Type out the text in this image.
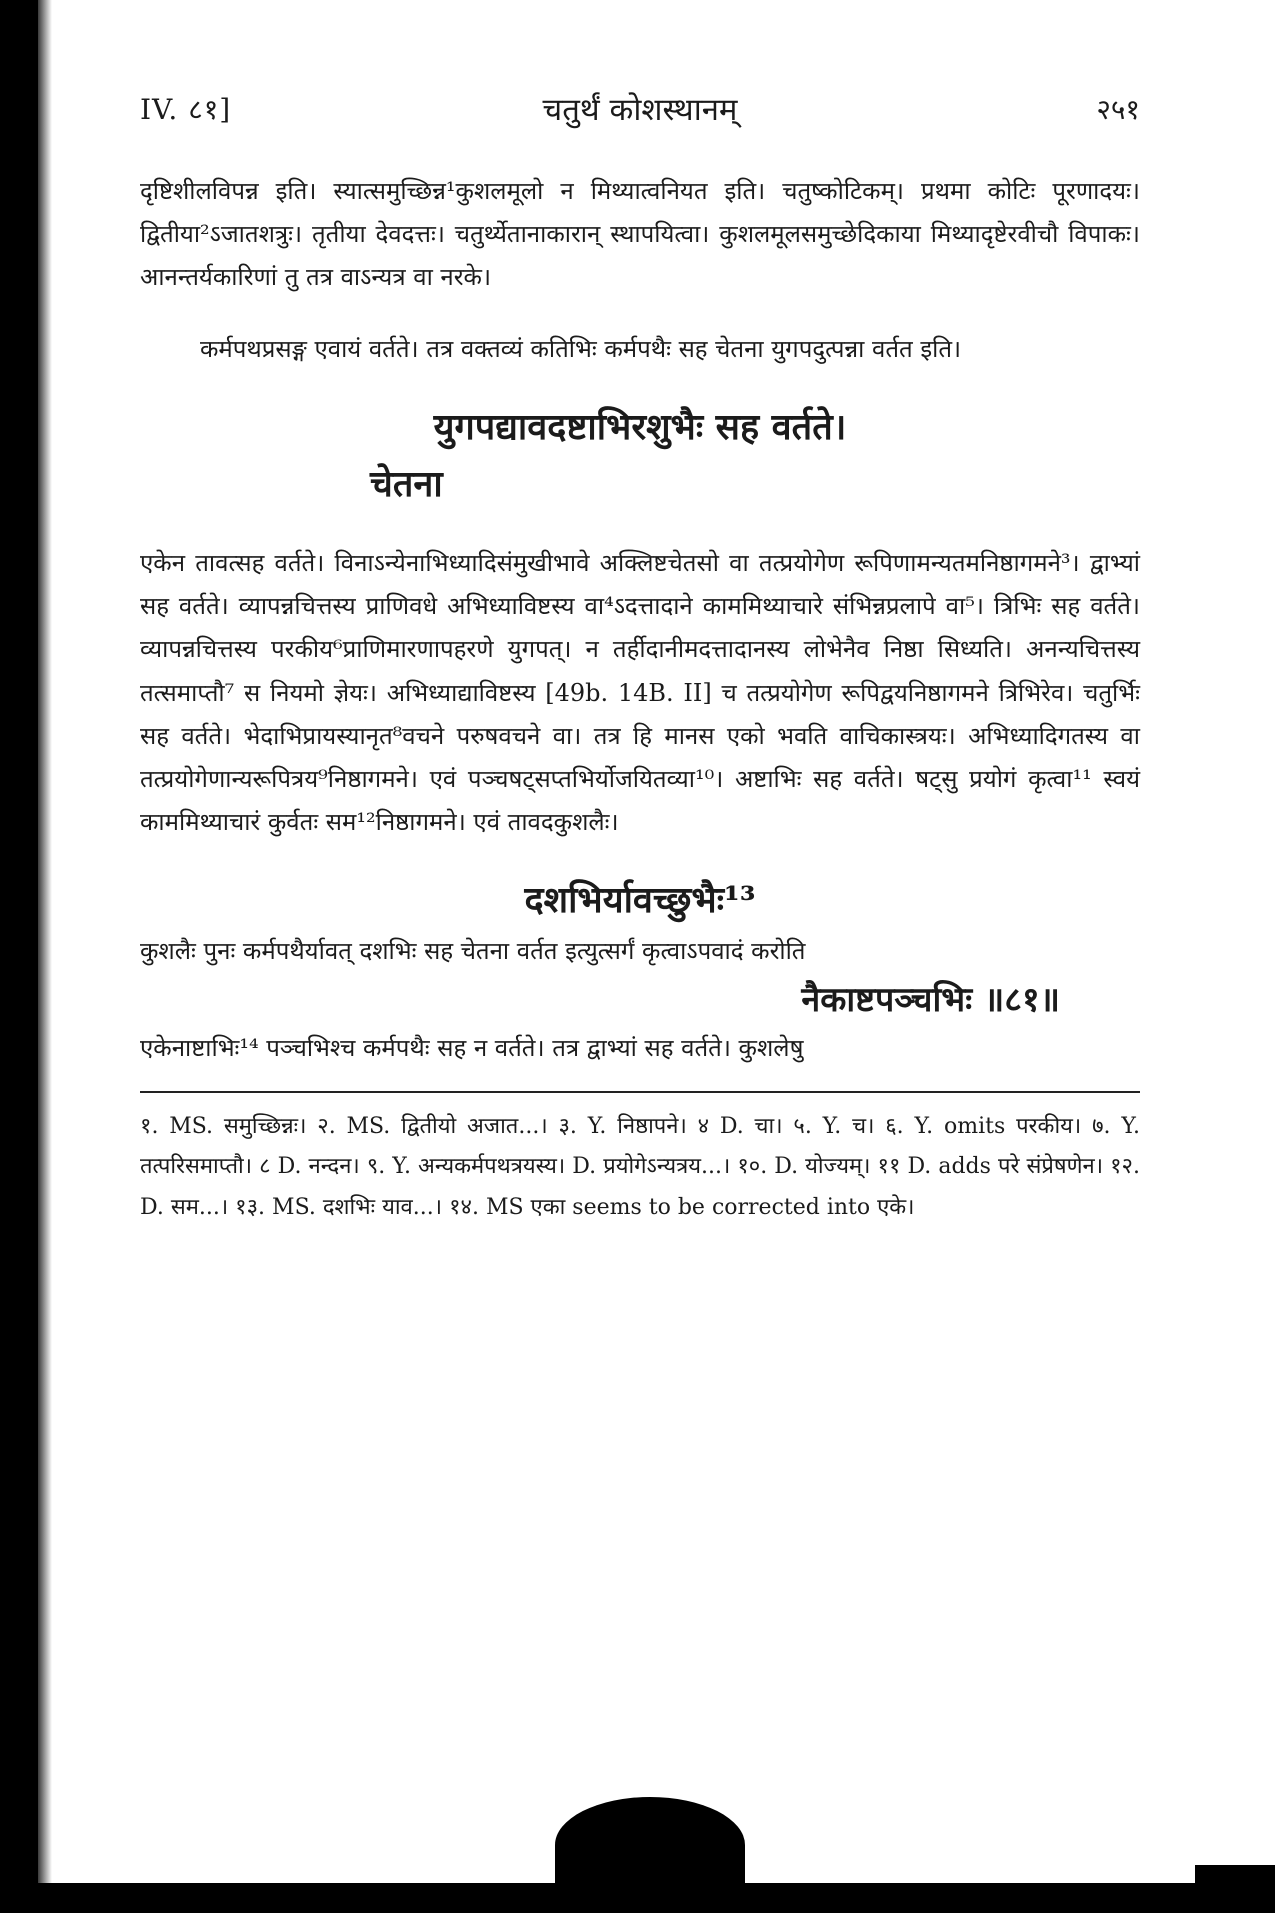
IV. ८१]	चतुर्थं कोशस्थानम्	२५१

दृष्टिशीलविपन्न इति। स्यात्समुच्छिन्न¹कुशलमूलो न मिथ्यात्वनियत इति। चतुष्कोटिकम्। प्रथमा कोटिः पूरणादयः। द्वितीया²ऽजातशत्रुः। तृतीया देवदत्तः। चतुर्थ्येतानाकारान् स्थापयित्वा। कुशलमूलसमुच्छेदिकाया मिथ्यादृष्टेरवीचौ विपाकः। आनन्तर्यकारिणां तु तत्र वाऽन्यत्र वा नरके।

कर्मपथप्रसङ्ग एवायं वर्तते। तत्र वक्तव्यं कतिभिः कर्मपथैः सह चेतना युगपदुत्पन्ना वर्तत इति।

युगपद्यावदष्टाभिरशुभैः सह वर्तते।

चेतना

एकेन तावत्सह वर्तते। विनाऽन्येनाभिध्यादिसंमुखीभावे अक्लिष्टचेतसो वा तत्प्रयोगेण रूपिणामन्यतमनिष्ठागमने³। द्वाभ्यां सह वर्तते। व्यापन्नचित्तस्य प्राणिवधे अभिध्याविष्टस्य वा⁴ऽदत्तादाने काममिथ्याचारे संभिन्नप्रलापे वा⁵। त्रिभिः सह वर्तते। व्यापन्नचित्तस्य परकीय⁶प्राणिमारणापहरणे युगपत्। न तर्हीदानीमदत्तादानस्य लोभेनैव निष्ठा सिध्यति। अनन्यचित्तस्य तत्समाप्तौ⁷ स नियमो ज्ञेयः। अभिध्याद्याविष्टस्य [49b. 14B. II] च तत्प्रयोगेण रूपिद्वयनिष्ठागमने त्रिभिरेव। चतुर्भिः सह वर्तते। भेदाभिप्रायस्यानृत⁸वचने परुषवचने वा। तत्र हि मानस एको भवति वाचिकास्त्रयः। अभिध्यादिगतस्य वा तत्प्रयोगेणान्यरूपित्रय⁹निष्ठागमने। एवं पञ्चषट्सप्तभिर्योजयितव्या¹⁰। अष्टाभिः सह वर्तते। षट्सु प्रयोगं कृत्वा¹¹ स्वयं काममिथ्याचारं कुर्वतः सम¹²निष्ठागमने। एवं तावदकुशलैः।

दशभिर्यावच्छुभैः¹³

कुशलैः पुनः कर्मपथैर्यावत् दशभिः सह चेतना वर्तत इत्युत्सर्गं कृत्वाऽपवादं करोति

नैकाष्टपञ्चभिः ॥८१॥

एकेनाष्टाभिः¹⁴ पञ्चभिश्च कर्मपथैः सह न वर्तते। तत्र द्वाभ्यां सह वर्तते। कुशलेषु

१. MS. समुच्छिन्नः। २. MS. द्वितीयो अजात...। ३. Y. निष्ठापने। ४ D. चा। ५. Y. च। ६. Y. omits परकीय। ७. Y. तत्परिसमाप्तौ। ८ D. नन्दन। ९. Y. अन्यकर्मपथत्रयस्य। D. प्रयोगेऽन्यत्रय...। १०. D. योज्यम्। ११ D. adds परे संप्रेषणेन। १२. D. सम...। १३. MS. दशभिः याव...। १४. MS एका seems to be corrected into एके।
